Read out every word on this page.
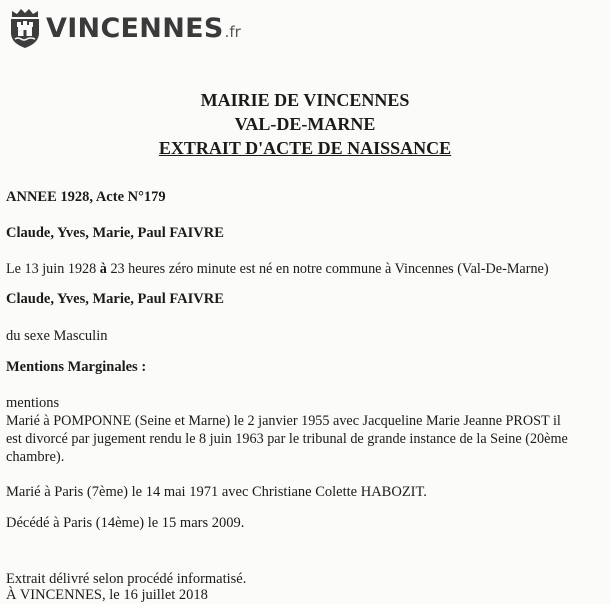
VINCENNES .fr
MAIRIE DE VINCENNES
VAL-DE-MARNE
EXTRAIT D'ACTE DE NAISSANCE
ANNEE 1928, Acte N°179
Claude, Yves, Marie, Paul FAIVRE
Le 13 juin 1928 à 23 heures zéro minute est né en notre commune à Vincennes (Val-De-Marne)
Claude, Yves, Marie, Paul FAIVRE
du sexe Masculin
Mentions Marginales :
mentions
Marié à POMPONNE (Seine et Marne) le 2 janvier 1955 avec Jacqueline Marie Jeanne PROST il
est divorcé par jugement rendu le 8 juin 1963 par le tribunal de grande instance de la Seine (20ème
chambre).
Marié à Paris (7ème) le 14 mai 1971 avec Christiane Colette HABOZIT.
Décédé à Paris (14ème) le 15 mars 2009.
Extrait délivré selon procédé informatisé.
À VINCENNES, le 16 juillet 2018
